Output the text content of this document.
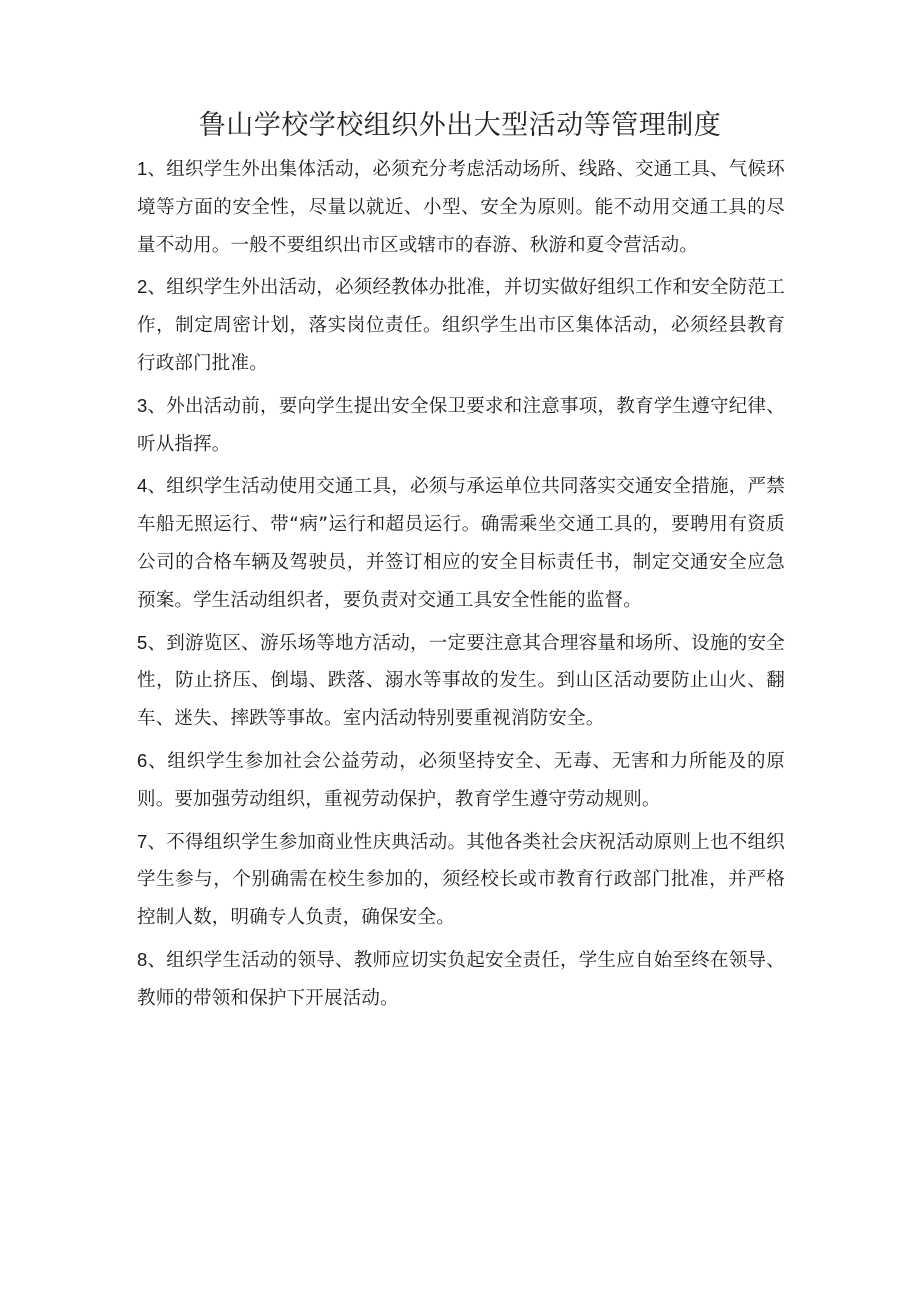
鲁山学校学校组织外出大型活动等管理制度

1、组织学生外出集体活动，必须充分考虑活动场所、线路、交通工具、气候环境等方面的安全性，尽量以就近、小型、安全为原则。能不动用交通工具的尽量不动用。一般不要组织出市区或辖市的春游、秋游和夏令营活动。

2、组织学生外出活动，必须经教体办批准，并切实做好组织工作和安全防范工作，制定周密计划，落实岗位责任。组织学生出市区集体活动，必须经县教育行政部门批准。

3、外出活动前，要向学生提出安全保卫要求和注意事项，教育学生遵守纪律、听从指挥。

4、组织学生活动使用交通工具，必须与承运单位共同落实交通安全措施，严禁车船无照运行、带“病”运行和超员运行。确需乘坐交通工具的，要聘用有资质公司的合格车辆及驾驶员，并签订相应的安全目标责任书，制定交通安全应急预案。学生活动组织者，要负责对交通工具安全性能的监督。

5、到游览区、游乐场等地方活动，一定要注意其合理容量和场所、设施的安全性，防止挤压、倒塌、跌落、溺水等事故的发生。到山区活动要防止山火、翻车、迷失、摔跌等事故。室内活动特别要重视消防安全。

6、组织学生参加社会公益劳动，必须坚持安全、无毒、无害和力所能及的原则。要加强劳动组织，重视劳动保护，教育学生遵守劳动规则。

7、不得组织学生参加商业性庆典活动。其他各类社会庆祝活动原则上也不组织学生参与，个别确需在校生参加的，须经校长或市教育行政部门批准，并严格控制人数，明确专人负责，确保安全。

8、组织学生活动的领导、教师应切实负起安全责任，学生应自始至终在领导、教师的带领和保护下开展活动。
